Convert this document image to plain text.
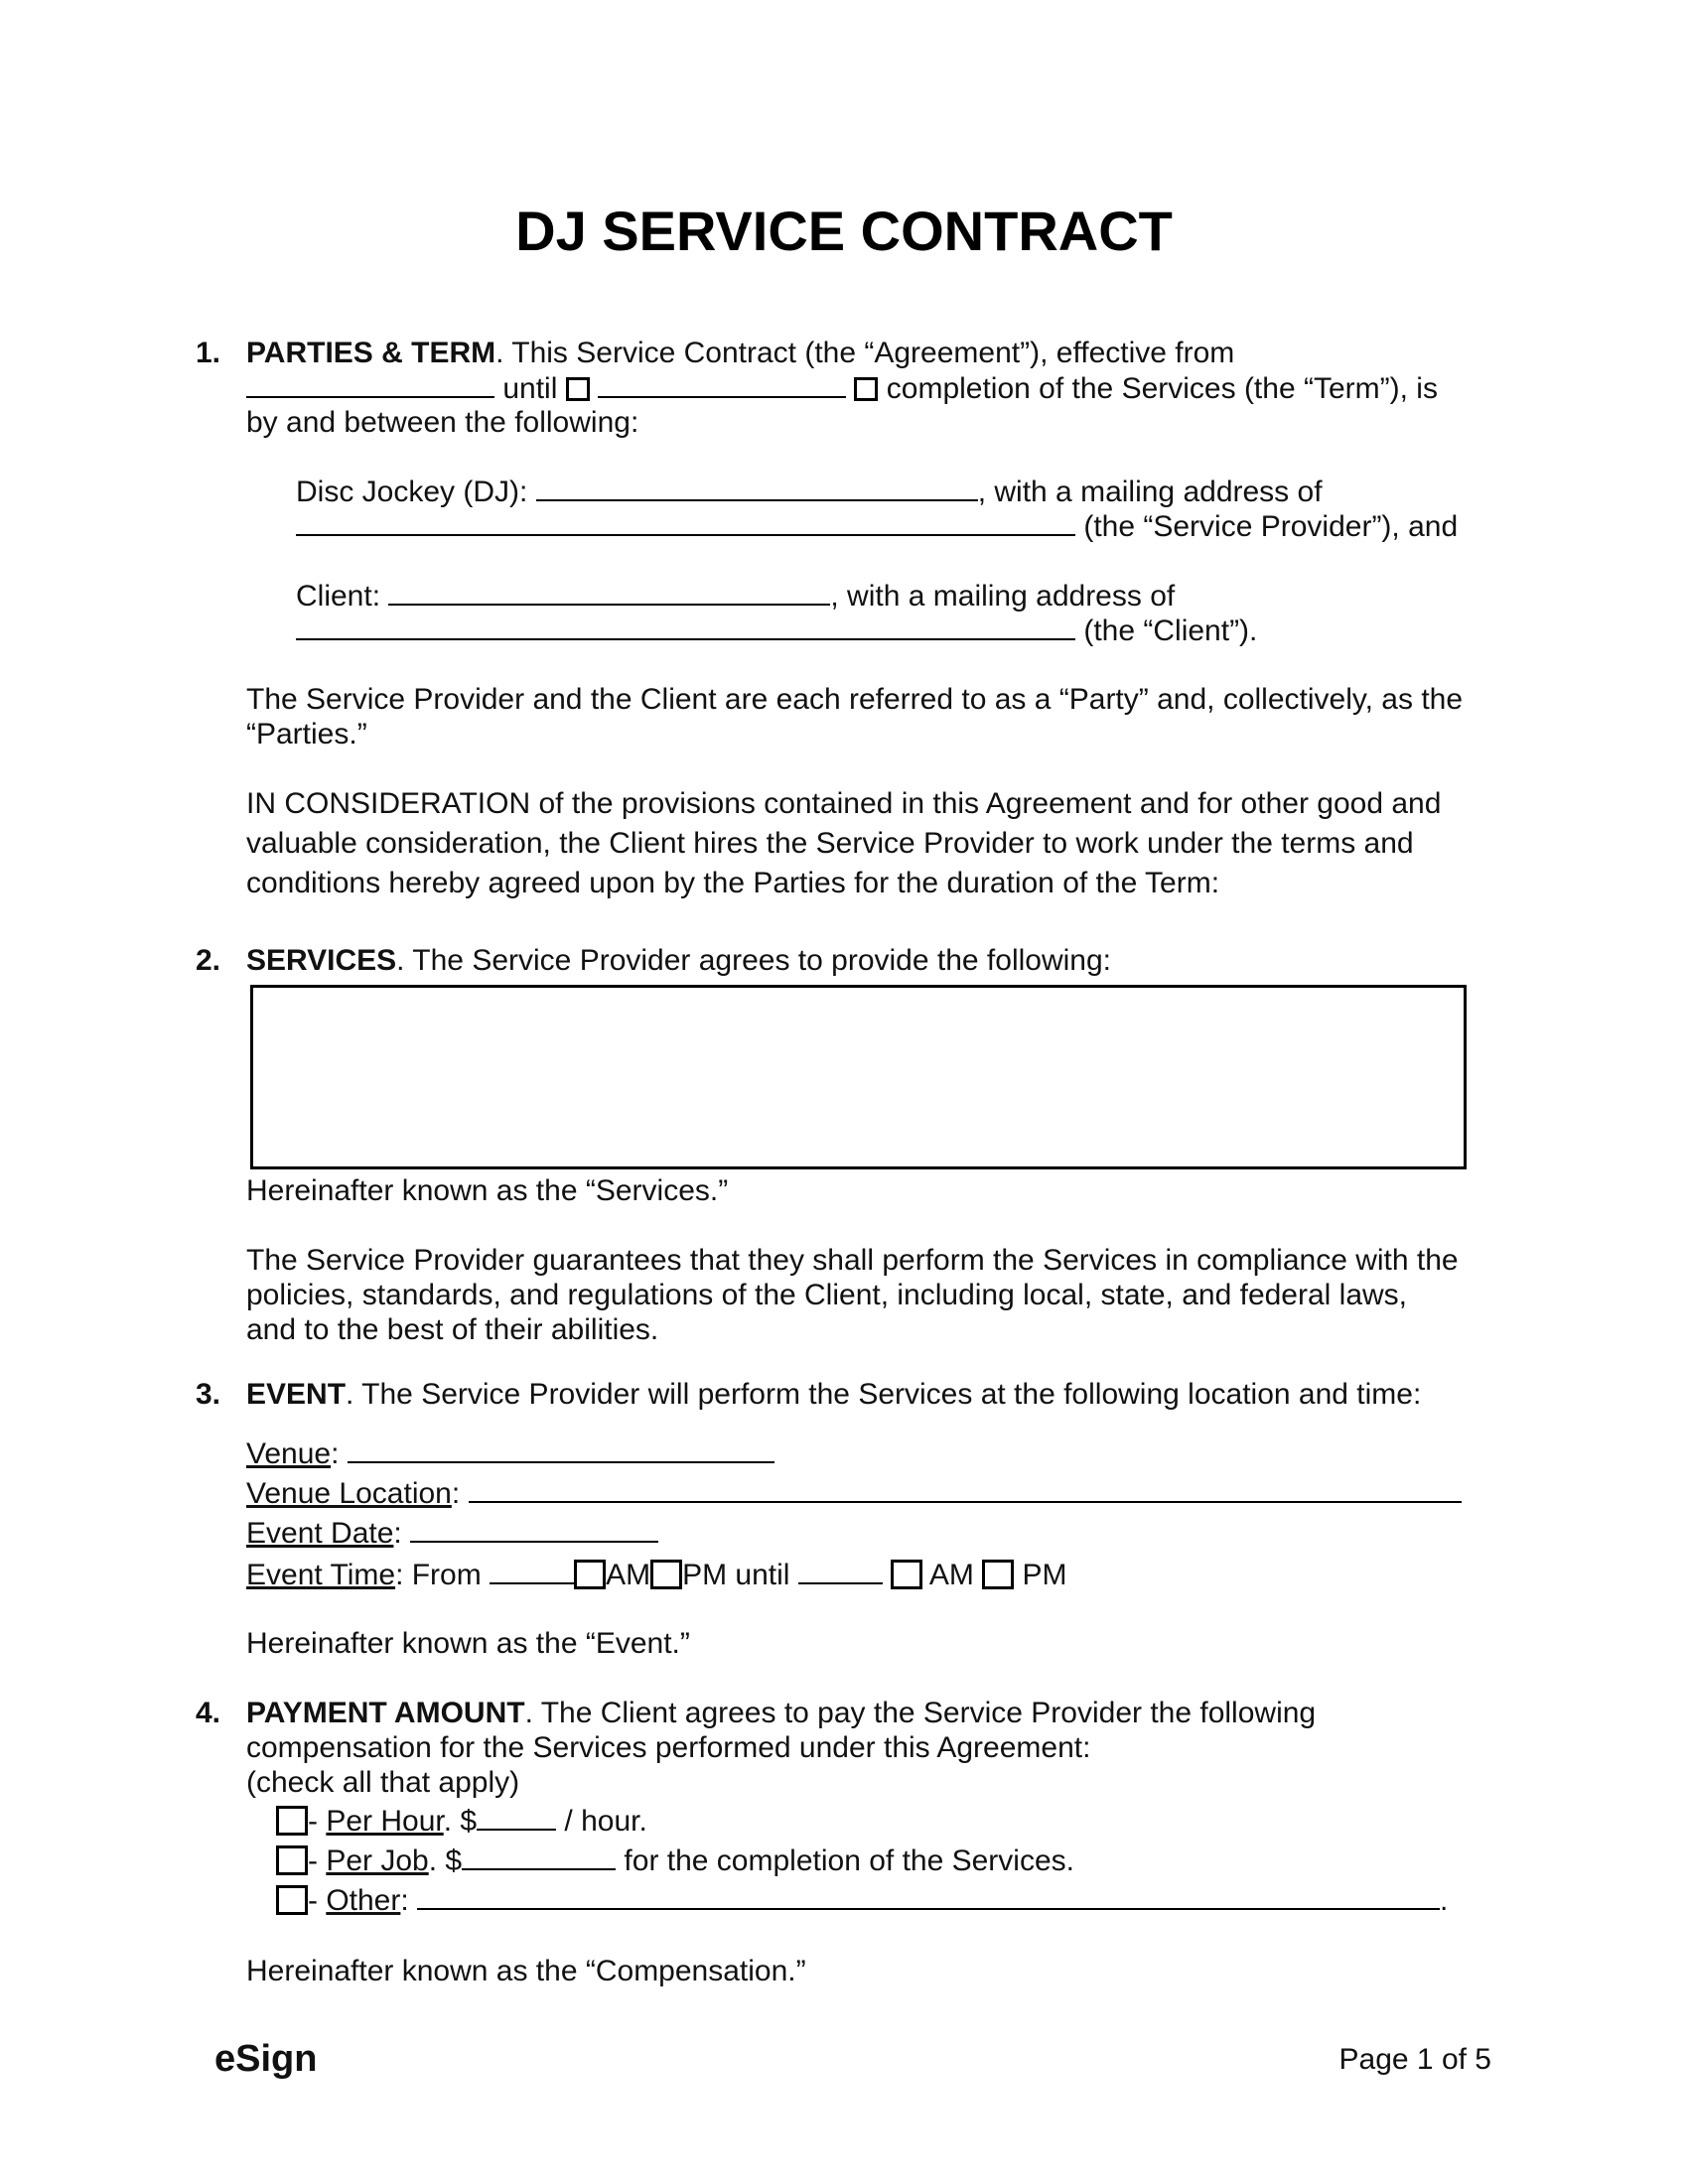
DJ SERVICE CONTRACT
1. PARTIES & TERM. This Service Contract (the “Agreement”), effective from
until	completion of the Services (the “Term”), is
by and between the following:
Disc Jockey (DJ):	, with a mailing address of
(the “Service Provider”), and
Client:	, with a mailing address of
(the “Client”).
The Service Provider and the Client are each referred to as a “Party” and, collectively, as the
“Parties.”
IN CONSIDERATION of the provisions contained in this Agreement and for other good and
valuable consideration, the Client hires the Service Provider to work under the terms and
conditions hereby agreed upon by the Parties for the duration of the Term:
2. SERVICES. The Service Provider agrees to provide the following:
Hereinafter known as the “Services.”
The Service Provider guarantees that they shall perform the Services in compliance with the
policies, standards, and regulations of the Client, including local, state, and federal laws,
and to the best of their abilities.
3. EVENT. The Service Provider will perform the Services at the following location and time:
Venue:
Venue Location:
Event Date:
Event Time: From	AM PM until	AM PM
Hereinafter known as the “Event.”
4. PAYMENT AMOUNT. The Client agrees to pay the Service Provider the following
compensation for the Services performed under this Agreement:
(check all that apply)
- Per Hour. $	/ hour.
- Per Job. $	for the completion of the Services.
- Other:	.
Hereinafter known as the “Compensation.”
eSign	Page 1 of 5
